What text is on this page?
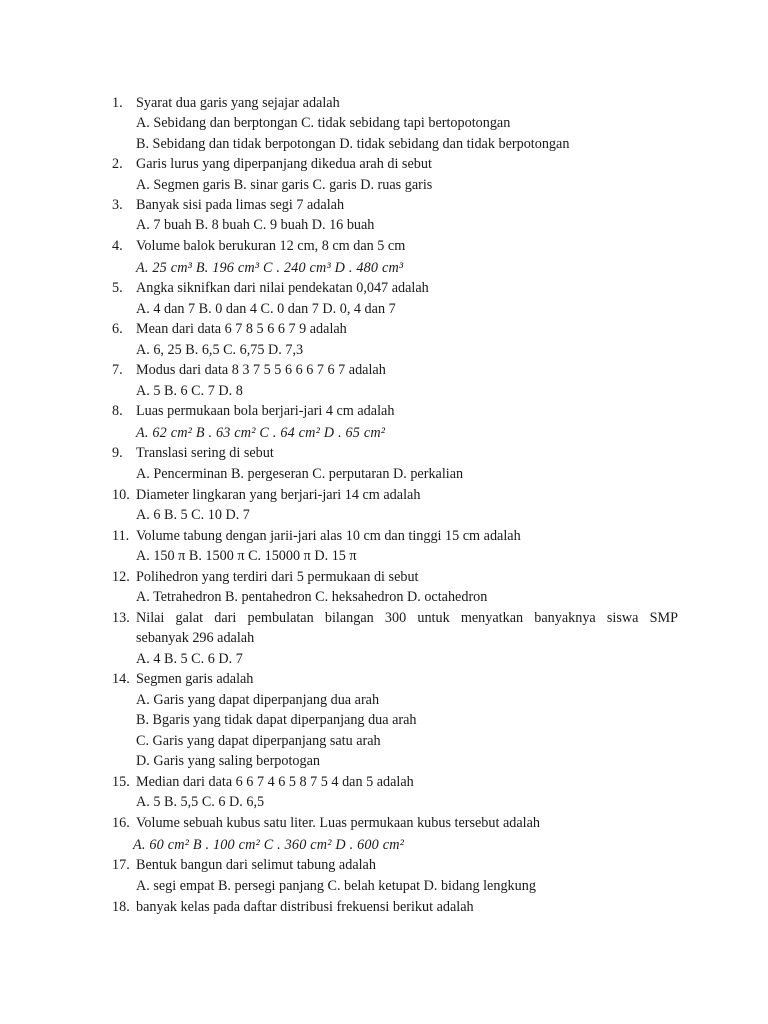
1. Syarat dua garis yang sejajar adalah
A. Sebidang dan berptongan C. tidak sebidang tapi bertopotongan
B. Sebidang dan tidak berpotongan D. tidak sebidang dan tidak berpotongan
2. Garis lurus yang diperpanjang dikedua arah di sebut
A. Segmen garis B. sinar garis C. garis D. ruas garis
3. Banyak sisi pada limas segi 7 adalah
A. 7 buah B. 8 buah C. 9 buah D. 16 buah
4. Volume balok berukuran 12 cm, 8 cm dan 5 cm
A. 25 cm³ B. 196 cm³ C . 240 cm³ D . 480 cm³
5. Angka siknifkan dari nilai pendekatan 0,047 adalah
A. 4 dan 7 B. 0 dan 4 C. 0 dan 7 D. 0, 4 dan 7
6. Mean dari data 6 7 8 5 6 6 7 9 adalah
A. 6, 25 B. 6,5 C. 6,75 D. 7,3
7. Modus dari data 8 3 7 5 5 6 6 6 7 6 7 adalah
A. 5 B. 6 C. 7 D. 8
8. Luas permukaan bola berjari-jari 4 cm adalah
A. 62 cm² B . 63 cm² C . 64 cm² D . 65 cm²
9. Translasi sering di sebut
A. Pencerminan B. pergeseran C. perputaran D. perkalian
10. Diameter lingkaran yang berjari-jari 14 cm adalah
A. 6 B. 5 C. 10 D. 7
11. Volume tabung dengan jarii-jari alas 10 cm dan tinggi 15 cm adalah
A. 150 π B. 1500 π C. 15000 π D. 15 π
12. Polihedron yang terdiri dari 5 permukaan di sebut
A. Tetrahedron B. pentahedron C. heksahedron D. octahedron
13. Nilai galat dari pembulatan bilangan 300 untuk menyatkan banyaknya siswa SMP
sebanyak 296 adalah
A. 4 B. 5 C. 6 D. 7
14. Segmen garis adalah
A. Garis yang dapat diperpanjang dua arah
B. Bgaris yang tidak dapat diperpanjang dua arah
C. Garis yang dapat diperpanjang satu arah
D. Garis yang saling berpotogan
15. Median dari data 6 6 7 4 6 5 8 7 5 4 dan 5 adalah
A. 5 B. 5,5 C. 6 D. 6,5
16. Volume sebuah kubus satu liter. Luas permukaan kubus tersebut adalah
A. 60 cm² B . 100 cm² C . 360 cm² D . 600 cm²
17. Bentuk bangun dari selimut tabung adalah
A. segi empat B. persegi panjang C. belah ketupat D. bidang lengkung
18. banyak kelas pada daftar distribusi frekuensi berikut adalah
